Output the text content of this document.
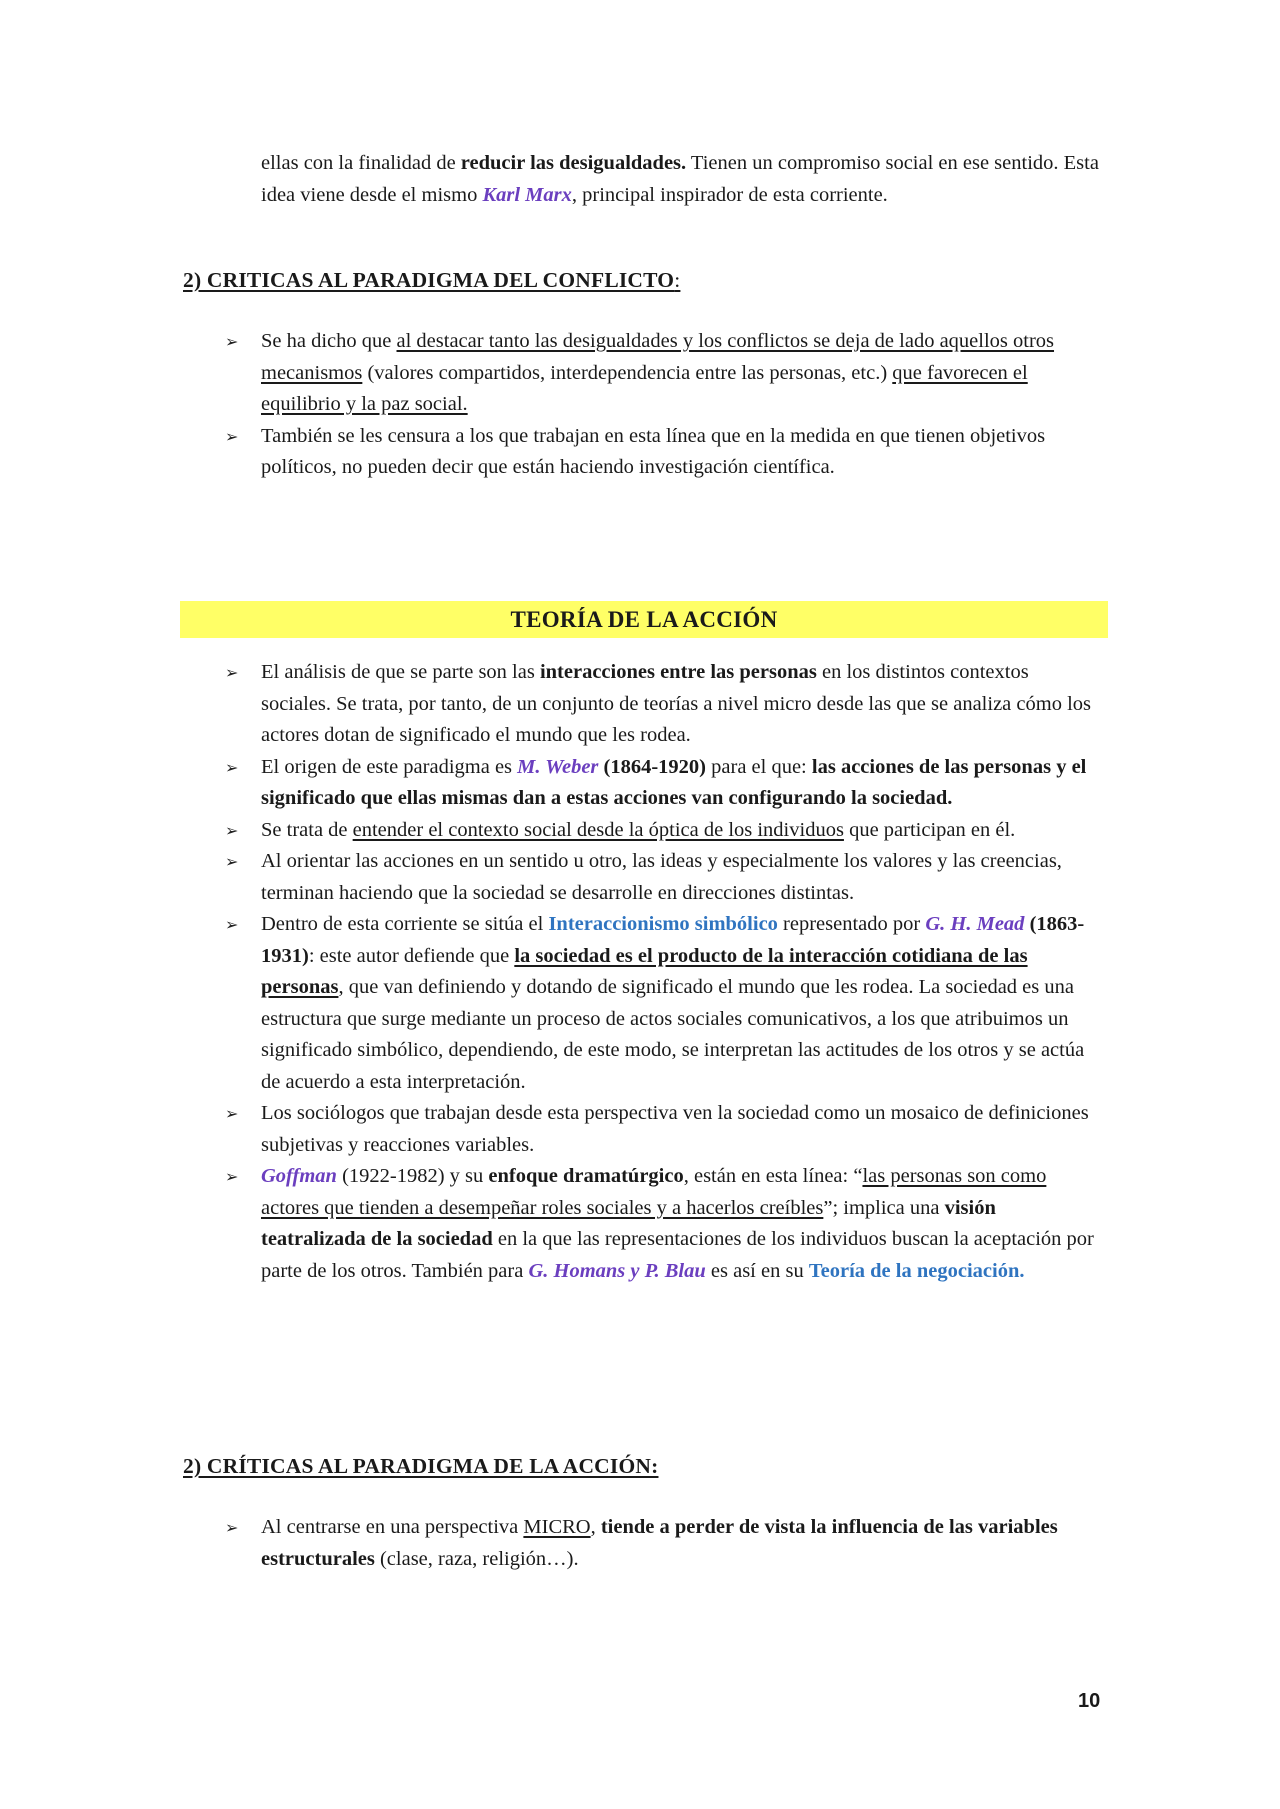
ellas con la finalidad de reducir las desigualdades. Tienen un compromiso social en ese sentido. Esta idea viene desde el mismo Karl Marx, principal inspirador de esta corriente.

2) CRITICAS AL PARADIGMA DEL CONFLICTO:
➢	Se ha dicho que al destacar tanto las desigualdades y los conflictos se deja de lado aquellos otros mecanismos (valores compartidos, interdependencia entre las personas, etc.) que favorecen el equilibrio y la paz social.
➢	También se les censura a los que trabajan en esta línea que en la medida en que tienen objetivos políticos, no pueden decir que están haciendo investigación científica.
TEORÍA DE LA ACCIÓN
➢	El análisis de que se parte son las interacciones entre las personas en los distintos contextos sociales. Se trata, por tanto, de un conjunto de teorías a nivel micro desde las que se analiza cómo los actores dotan de significado el mundo que les rodea.
➢	El origen de este paradigma es M. Weber (1864-1920) para el que: las acciones de las personas y el significado que ellas mismas dan a estas acciones van configurando la sociedad.
➢	Se trata de entender el contexto social desde la óptica de los individuos que participan en él.
➢	Al orientar las acciones en un sentido u otro, las ideas y especialmente los valores y las creencias, terminan haciendo que la sociedad se desarrolle en direcciones distintas.
➢	Dentro de esta corriente se sitúa el Interaccionismo simbólico representado por G. H. Mead (1863-1931): este autor defiende que la sociedad es el producto de la interacción cotidiana de las personas, que van definiendo y dotando de significado el mundo que les rodea. La sociedad es una estructura que surge mediante un proceso de actos sociales comunicativos, a los que atribuimos un significado simbólico, dependiendo, de este modo, se interpretan las actitudes de los otros y se actúa de acuerdo a esta interpretación.
➢	Los sociólogos que trabajan desde esta perspectiva ven la sociedad como un mosaico de definiciones subjetivas y reacciones variables.
➢	Goffman (1922-1982) y su enfoque dramatúrgico, están en esta línea: “las personas son como actores que tienden a desempeñar roles sociales y a hacerlos creíbles”; implica una visión teatralizada de la sociedad en la que las representaciones de los individuos buscan la aceptación por parte de los otros. También para G. Homans y P. Blau es así en su Teoría de la negociación.
2) CRÍTICAS AL PARADIGMA DE LA ACCIÓN:
➢	Al centrarse en una perspectiva MICRO, tiende a perder de vista la influencia de las variables estructurales (clase, raza, religión…).
10
